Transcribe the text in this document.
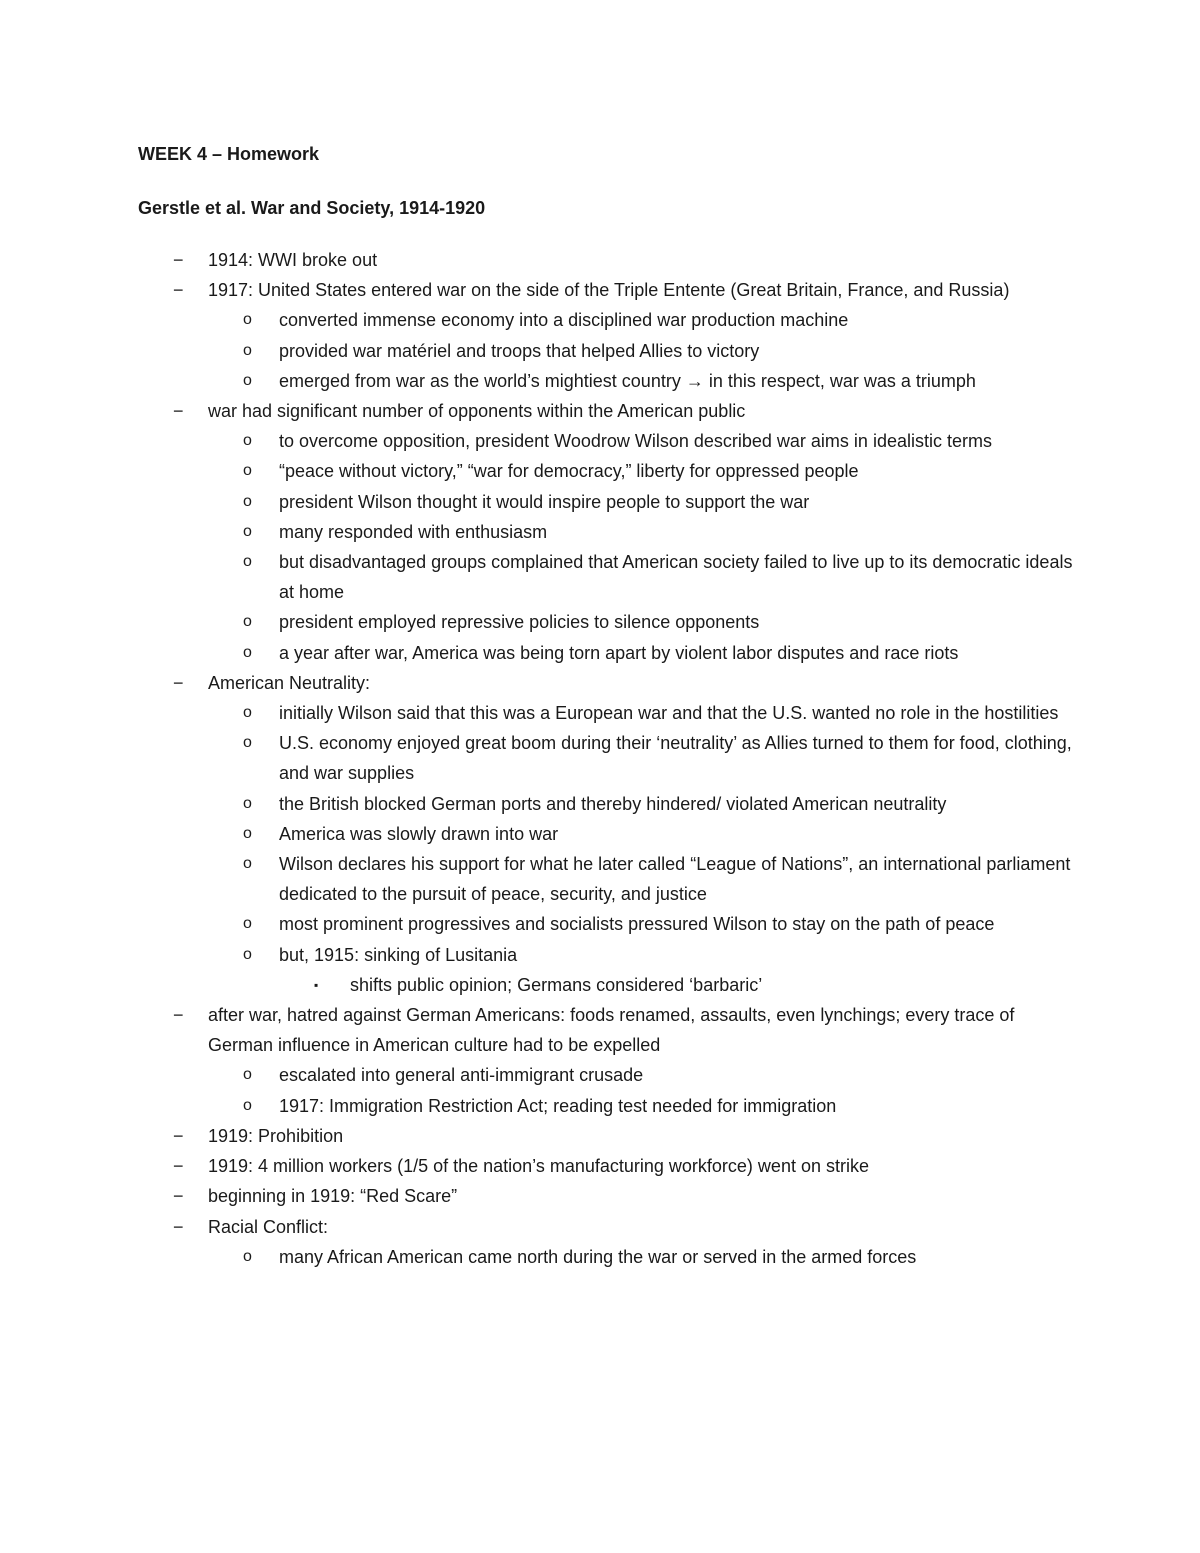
WEEK 4 – Homework
Gerstle et al. War and Society, 1914-1920
− 1914: WWI broke out
− 1917: United States entered war on the side of the Triple Entente (Great Britain, France, and Russia)
o converted immense economy into a disciplined war production machine
o provided war matériel and troops that helped Allies to victory
o emerged from war as the world’s mightiest country → in this respect, war was a triumph
− war had significant number of opponents within the American public
o to overcome opposition, president Woodrow Wilson described war aims in idealistic terms
o “peace without victory,” “war for democracy,” liberty for oppressed people
o president Wilson thought it would inspire people to support the war
o many responded with enthusiasm
o but disadvantaged groups complained that American society failed to live up to its democratic ideals at home
o president employed repressive policies to silence opponents
o a year after war, America was being torn apart by violent labor disputes and race riots
− American Neutrality:
o initially Wilson said that this was a European war and that the U.S. wanted no role in the hostilities
o U.S. economy enjoyed great boom during their ‘neutrality’ as Allies turned to them for food, clothing, and war supplies
o the British blocked German ports and thereby hindered/ violated American neutrality
o America was slowly drawn into war
o Wilson declares his support for what he later called “League of Nations”, an international parliament dedicated to the pursuit of peace, security, and justice
o most prominent progressives and socialists pressured Wilson to stay on the path of peace
o but, 1915: sinking of Lusitania
▪ shifts public opinion; Germans considered ‘barbaric’
− after war, hatred against German Americans: foods renamed, assaults, even lynchings; every trace of German influence in American culture had to be expelled
o escalated into general anti-immigrant crusade
o 1917: Immigration Restriction Act; reading test needed for immigration
− 1919: Prohibition
− 1919: 4 million workers (1/5 of the nation’s manufacturing workforce) went on strike
− beginning in 1919: “Red Scare”
− Racial Conflict:
o many African American came north during the war or served in the armed forces
